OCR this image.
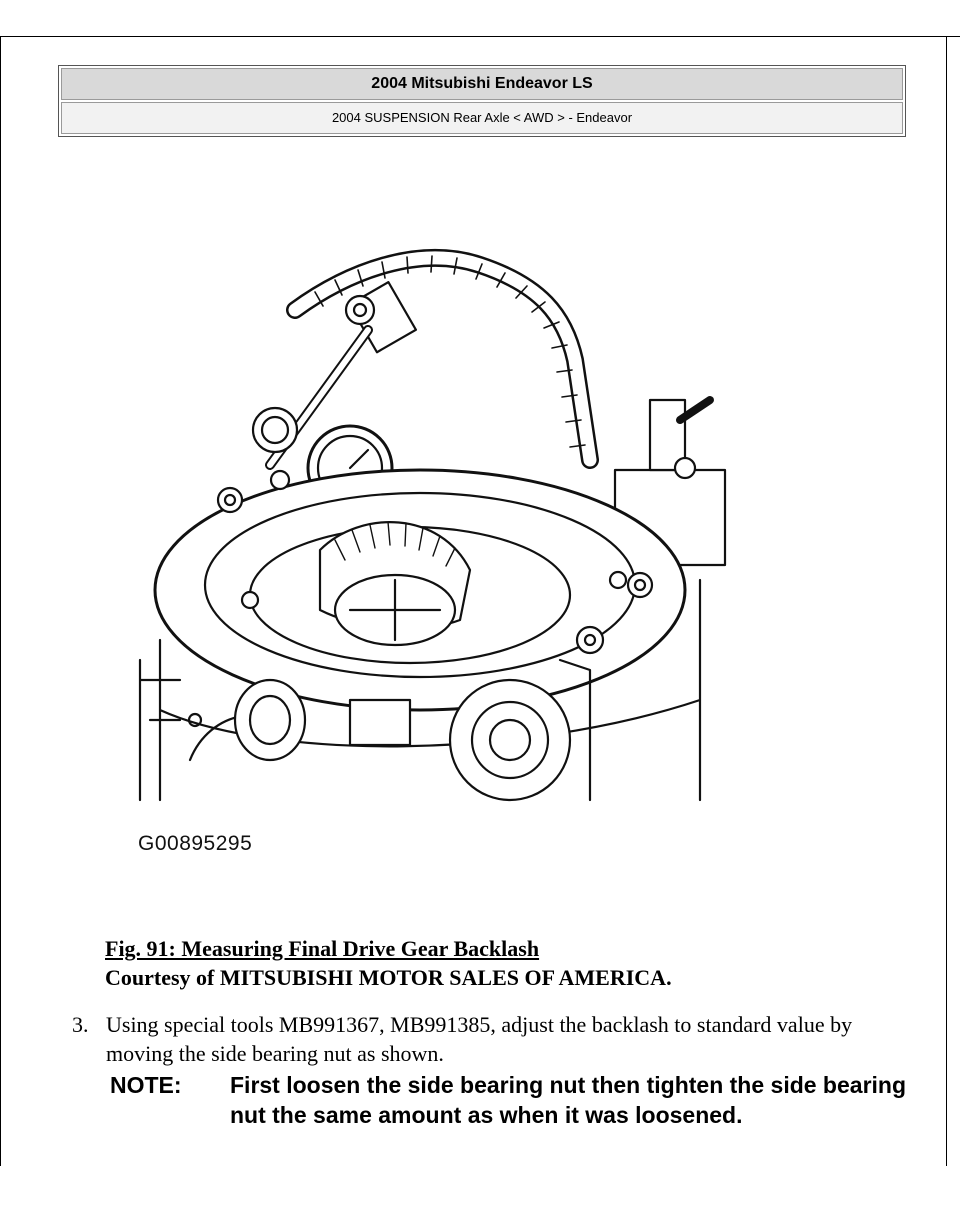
2004 Mitsubishi Endeavor LS
2004 SUSPENSION Rear Axle < AWD > - Endeavor
G00895295
Fig. 91: Measuring Final Drive Gear Backlash
Courtesy of MITSUBISHI MOTOR SALES OF AMERICA.
3. Using special tools MB991367, MB991385, adjust the backlash to standard value by moving the side bearing nut as shown.
NOTE: First loosen the side bearing nut then tighten the side bearing nut the same amount as when it was loosened.
